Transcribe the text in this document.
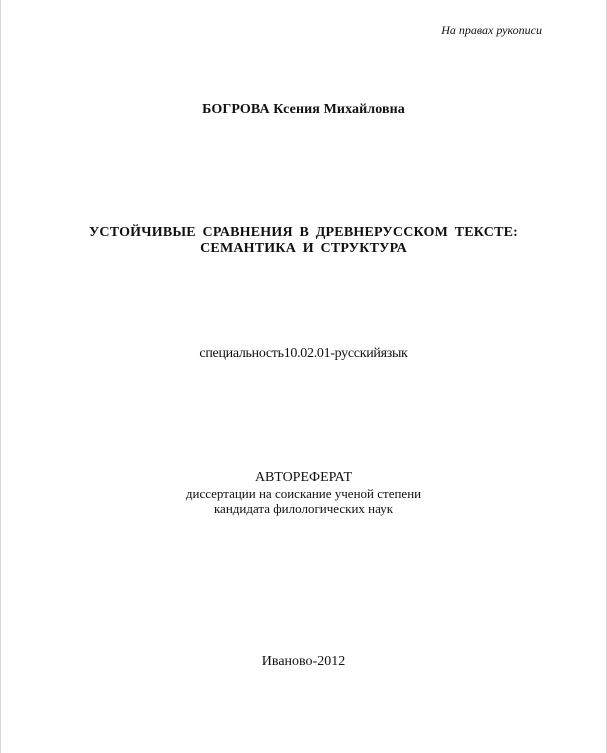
На правах рукописи
БОГРОВА Ксения Михайловна
УСТОЙЧИВЫЕ СРАВНЕНИЯ В ДРЕВНЕРУССКОМ ТЕКСТЕ:
СЕМАНТИКА И СТРУКТУРА
специальность10.02.01-русскийязык
АВТОРЕФЕРАТ
диссертации на соискание ученой степени
кандидата филологических наук
Иваново-2012
